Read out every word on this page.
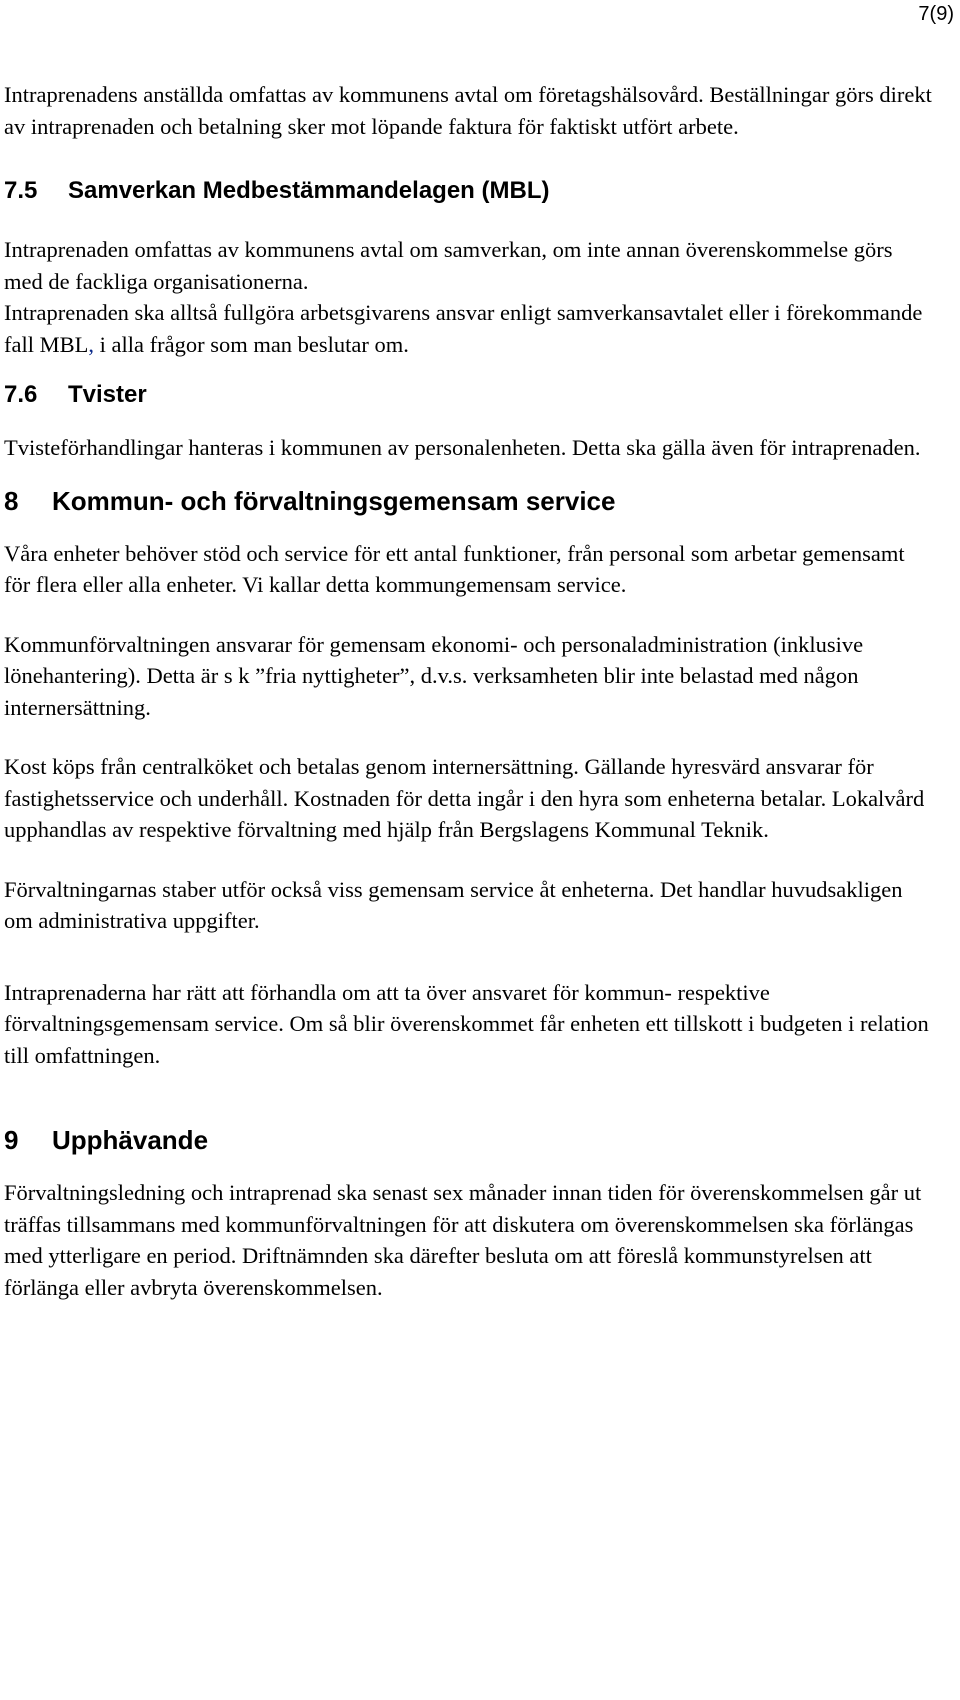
7(9)

Intraprenadens anställda omfattas av kommunens avtal om företagshälsovård. Beställningar görs direkt av intraprenaden och betalning sker mot löpande faktura för faktiskt utfört arbete.

7.5	Samverkan Medbestämmandelagen (MBL)

Intraprenaden omfattas av kommunens avtal om samverkan, om inte annan överenskommelse görs med de fackliga organisationerna.

Intraprenaden ska alltså fullgöra arbetsgivarens ansvar enligt samverkansavtalet eller i förekommande fall MBL, i alla frågor som man beslutar om.

7.6	Tvister

Tvisteförhandlingar hanteras i kommunen av personalenheten. Detta ska gälla även för intraprenaden.

8	Kommun- och förvaltningsgemensam service

Våra enheter behöver stöd och service för ett antal funktioner, från personal som arbetar gemensamt för flera eller alla enheter. Vi kallar detta kommungemensam service.

Kommunförvaltningen ansvarar för gemensam ekonomi- och personaladministration (inklusive lönehantering). Detta är s k ”fria nyttigheter”, d.v.s. verksamheten blir inte belastad med någon internersättning.

Kost köps från centralköket och betalas genom internersättning. Gällande hyresvärd ansvarar för fastighetsservice och underhåll. Kostnaden för detta ingår i den hyra som enheterna betalar. Lokalvård upphandlas av respektive förvaltning med hjälp från Bergslagens Kommunal Teknik.

Förvaltningarnas staber utför också viss gemensam service åt enheterna. Det handlar huvudsakligen om administrativa uppgifter.

Intraprenaderna har rätt att förhandla om att ta över ansvaret för kommun- respektive förvaltningsgemensam service. Om så blir överenskommet får enheten ett tillskott i budgeten i relation till omfattningen.

9	Upphävande

Förvaltningsledning och intraprenad ska senast sex månader innan tiden för överenskommelsen går ut träffas tillsammans med kommunförvaltningen för att diskutera om överenskommelsen ska förlängas med ytterligare en period. Driftnämnden ska därefter besluta om att föreslå kommunstyrelsen att förlänga eller avbryta överenskommelsen.
